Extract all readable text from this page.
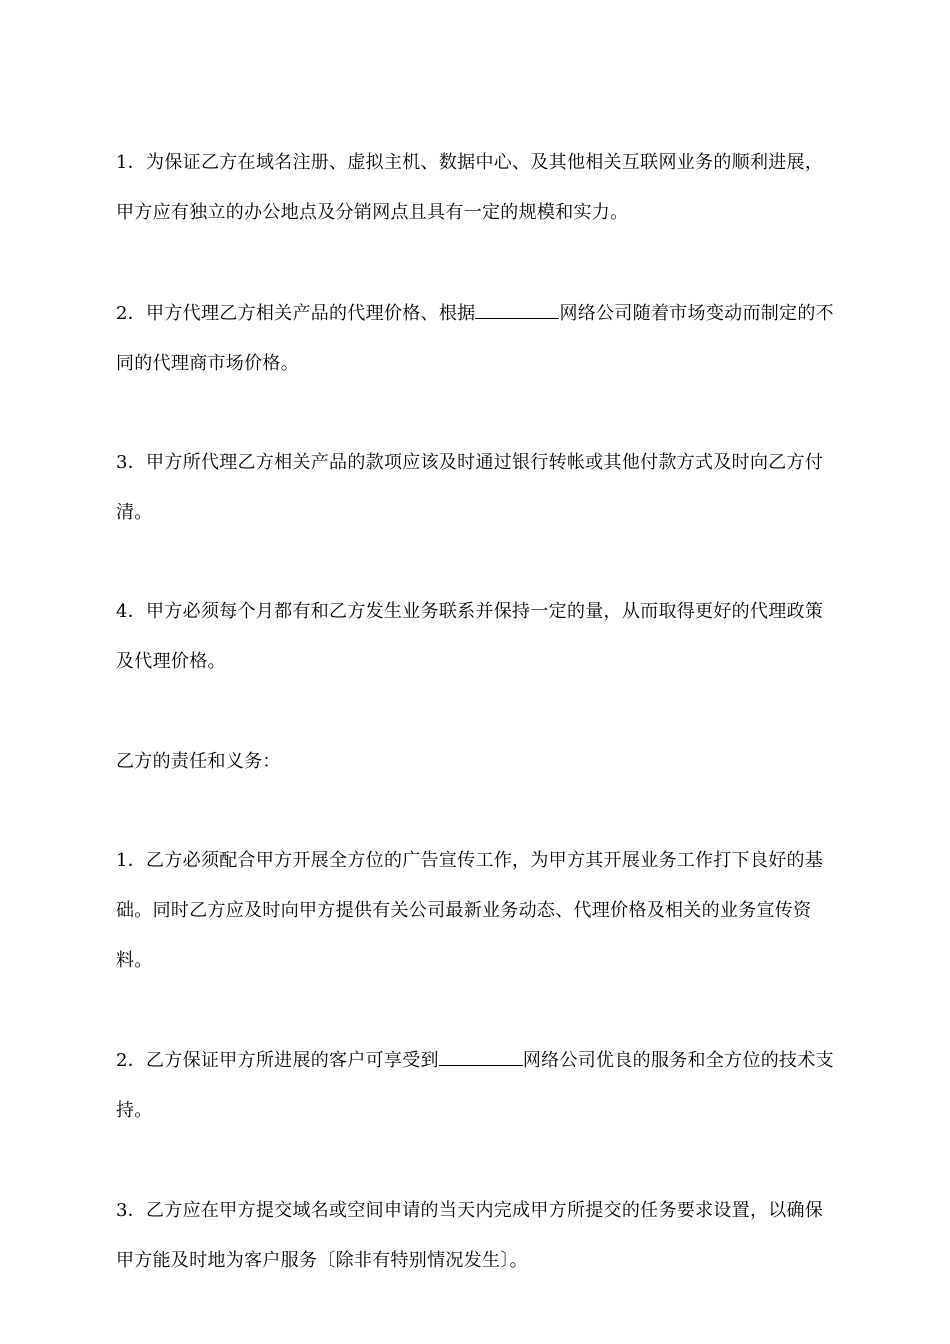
1．为保证乙方在域名注册、虚拟主机、数据中心、及其他相关互联网业务的顺利进展，甲方应有独立的办公地点及分销网点且具有一定的规模和实力。

2．甲方代理乙方相关产品的代理价格、根据	网络公司随着市场变动而制定的不同的代理商市场价格。

3．甲方所代理乙方相关产品的款项应该及时通过银行转帐或其他付款方式及时向乙方付清。

4．甲方必须每个月都有和乙方发生业务联系并保持一定的量，从而取得更好的代理政策及代理价格。

乙方的责任和义务：

1．乙方必须配合甲方开展全方位的广告宣传工作，为甲方其开展业务工作打下良好的基础。同时乙方应及时向甲方提供有关公司最新业务动态、代理价格及相关的业务宣传资料。

2．乙方保证甲方所进展的客户可享受到	网络公司优良的服务和全方位的技术支持。

3．乙方应在甲方提交域名或空间申请的当天内完成甲方所提交的任务要求设置，以确保甲方能及时地为客户服务〔除非有特别情况发生〕。
